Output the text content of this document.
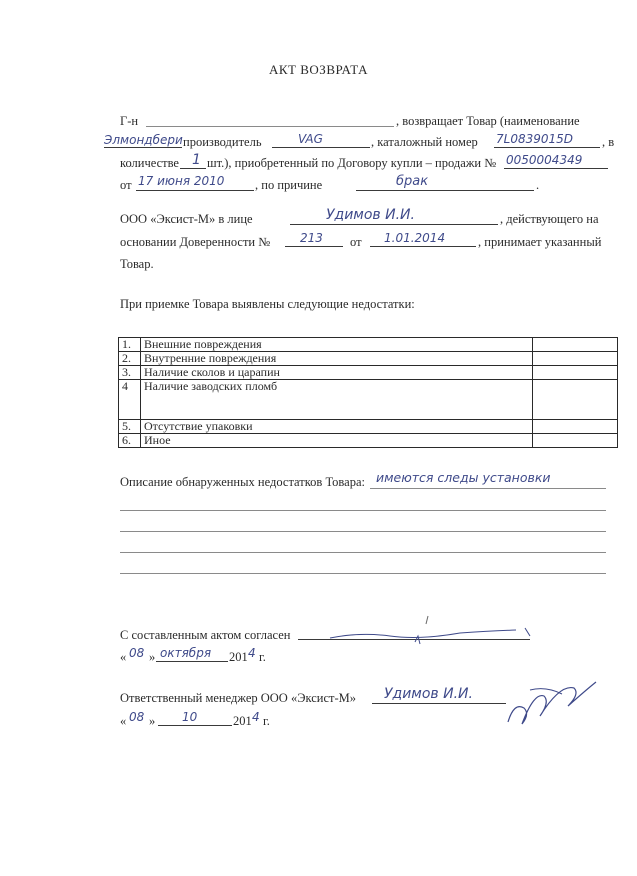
АКТ ВОЗВРАТА
Г-н	, возвращает Товар (наименование
Элмондбери производитель	VAG	, каталожный номер 7L0839015D , в
количестве 1 шт.), приобретенный по Договору купли – продажи № 0050004349
от 17 июня 2010 , по причине	брак	.
ООО «Эксист-М» в лице	Удимов И.И.	, действующего на
основании Доверенности № 213 от 1.01.2014	, принимает указанный
Товар.
При приемке Товара выявлены следующие недостатки:
1.	Внешние повреждения	
2.	Внутренние повреждения	
3.	Наличие сколов и царапин	
4	Наличие заводских пломб	
5.	Отсутствие упаковки	
6.	Иное	
Описание обнаруженных недостатков Товара: имеются следы установки
С составленным актом согласен
« 08 » октября 201 4 г.
Ответственный менеджер ООО «Эксист-М» Удимов И.И.
« 08 » 10	201 4 г.
